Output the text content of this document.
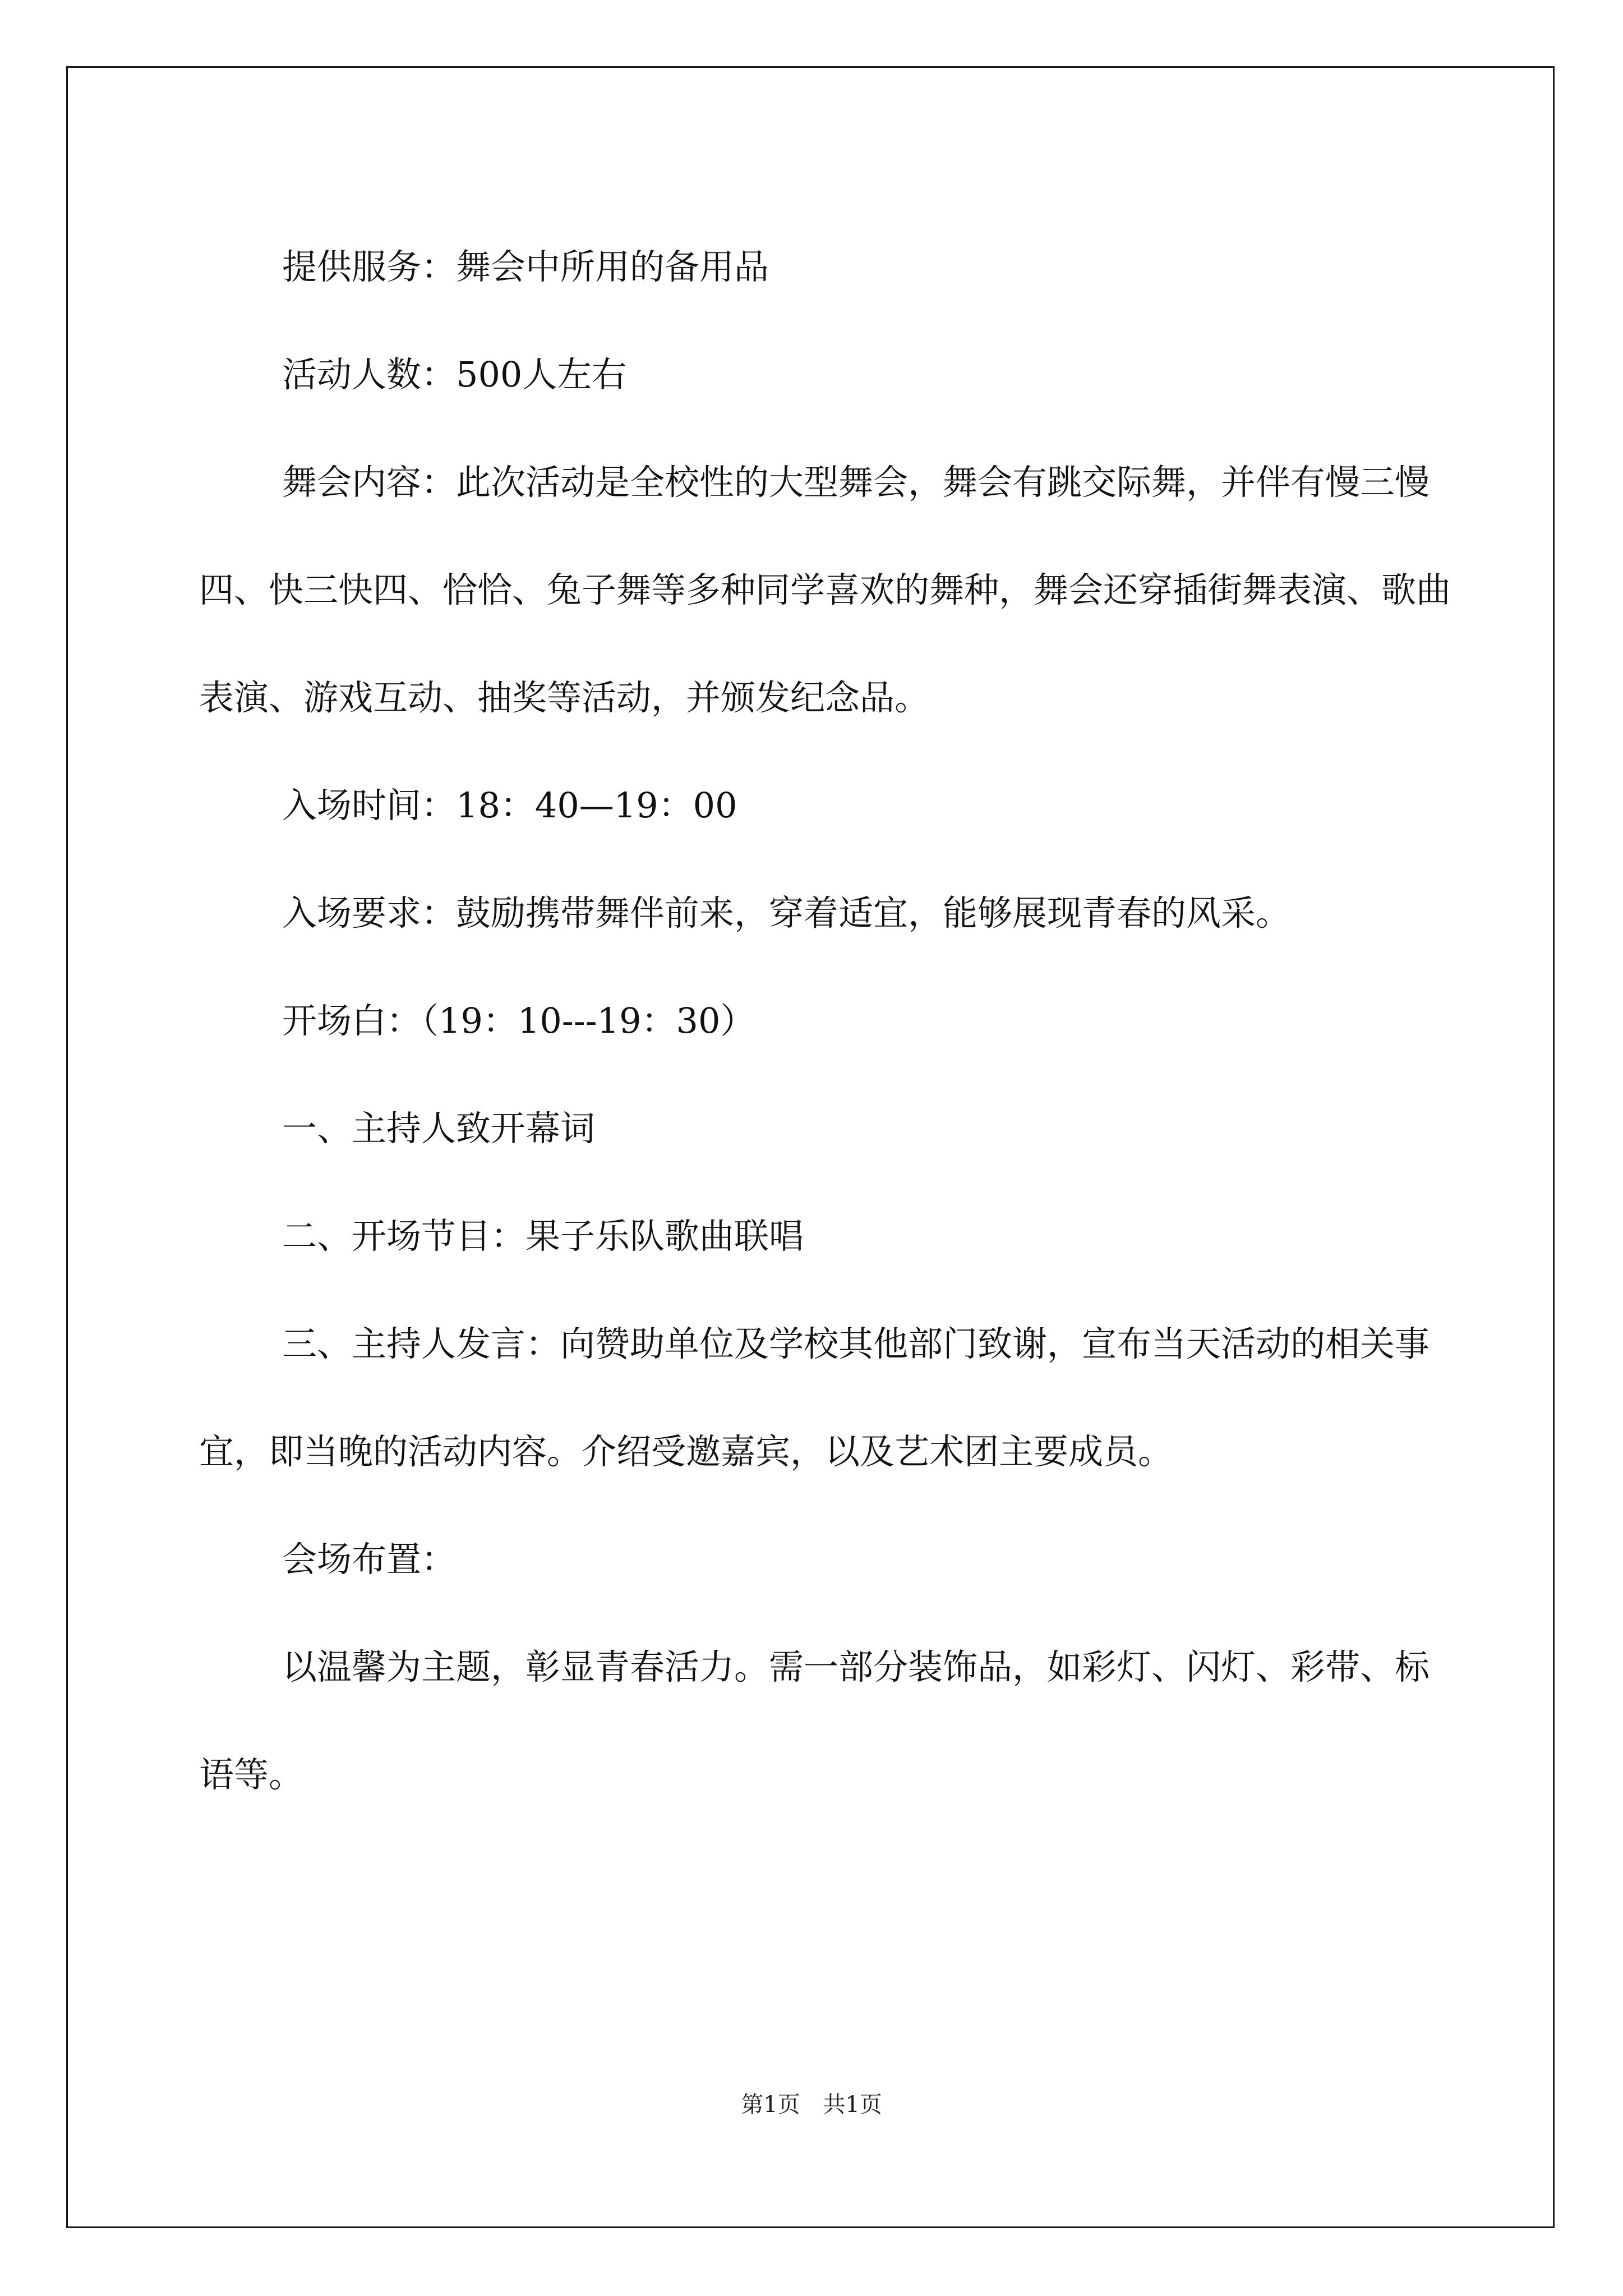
提供服务：舞会中所用的备用品

活动人数：500人左右

舞会内容：此次活动是全校性的大型舞会，舞会有跳交际舞，并伴有慢三慢四、快三快四、恰恰、兔子舞等多种同学喜欢的舞种，舞会还穿插街舞表演、歌曲表演、游戏互动、抽奖等活动，并颁发纪念品。

入场时间：18：40—19：00

入场要求：鼓励携带舞伴前来，穿着适宜，能够展现青春的风采。

开场白：（19：10---19：30）

一、主持人致开幕词

二、开场节目：果子乐队歌曲联唱

三、主持人发言：向赞助单位及学校其他部门致谢，宣布当天活动的相关事宜，即当晚的活动内容。介绍受邀嘉宾，以及艺术团主要成员。

会场布置：

以温馨为主题，彰显青春活力。需一部分装饰品，如彩灯、闪灯、彩带、标语等。

第1页 共1页
